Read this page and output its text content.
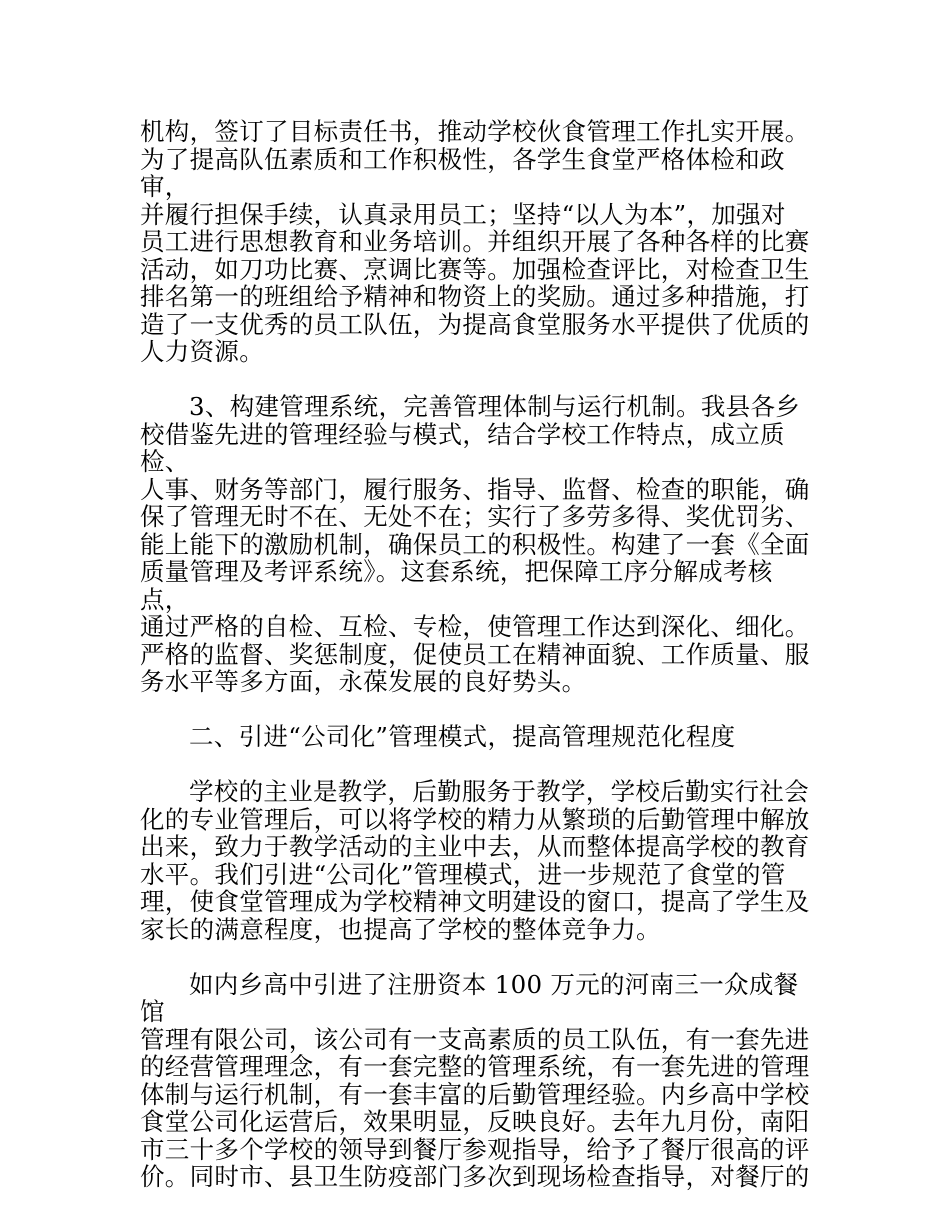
机构，签订了目标责任书，推动学校伙食管理工作扎实开展。
为了提高队伍素质和工作积极性，各学生食堂严格体检和政审，
并履行担保手续，认真录用员工；坚持“以人为本”，加强对
员工进行思想教育和业务培训。并组织开展了各种各样的比赛
活动，如刀功比赛、烹调比赛等。加强检查评比，对检查卫生
排名第一的班组给予精神和物资上的奖励。通过多种措施，打
造了一支优秀的员工队伍，为提高食堂服务水平提供了优质的
人力资源。

3、构建管理系统，完善管理体制与运行机制。我县各乡
校借鉴先进的管理经验与模式，结合学校工作特点，成立质检、
人事、财务等部门，履行服务、指导、监督、检查的职能，确
保了管理无时不在、无处不在；实行了多劳多得、奖优罚劣、
能上能下的激励机制，确保员工的积极性。构建了一套《全面
质量管理及考评系统》。这套系统，把保障工序分解成考核点，
通过严格的自检、互检、专检，使管理工作达到深化、细化。
严格的监督、奖惩制度，促使员工在精神面貌、工作质量、服
务水平等多方面，永葆发展的良好势头。

二、引进“公司化”管理模式，提高管理规范化程度

学校的主业是教学，后勤服务于教学，学校后勤实行社会
化的专业管理后，可以将学校的精力从繁琐的后勤管理中解放
出来，致力于教学活动的主业中去，从而整体提高学校的教育
水平。我们引进“公司化”管理模式，进一步规范了食堂的管
理，使食堂管理成为学校精神文明建设的窗口，提高了学生及
家长的满意程度，也提高了学校的整体竞争力。

如内乡高中引进了注册资本 100 万元的河南三一众成餐馆
管理有限公司，该公司有一支高素质的员工队伍，有一套先进
的经营管理理念，有一套完整的管理系统，有一套先进的管理
体制与运行机制，有一套丰富的后勤管理经验。内乡高中学校
食堂公司化运营后，效果明显，反映良好。去年九月份，南阳
市三十多个学校的领导到餐厅参观指导，给予了餐厅很高的评
价。同时市、县卫生防疫部门多次到现场检查指导，对餐厅的
